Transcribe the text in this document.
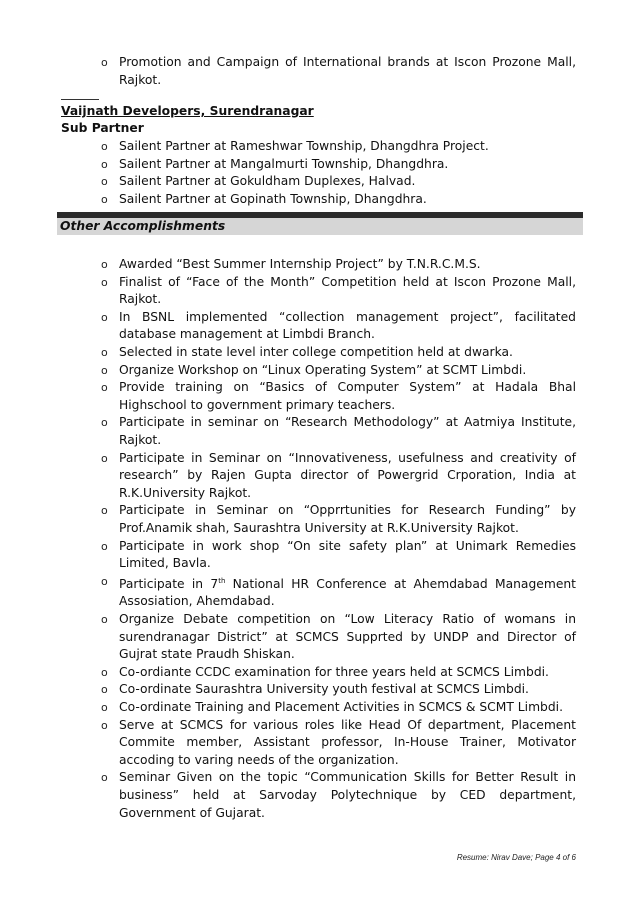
o Promotion and Campaign of International brands at Iscon Prozone Mall, Rajkot.
Vaijnath Developers, Surendranagar
Sub Partner
o Sailent Partner at Rameshwar Township, Dhangdhra Project.
o Sailent Partner at Mangalmurti Township, Dhangdhra.
o Sailent Partner at Gokuldham Duplexes, Halvad.
o Sailent Partner at Gopinath Township, Dhangdhra.
Other Accomplishments
o Awarded “Best Summer Internship Project” by T.N.R.C.M.S.
o Finalist of “Face of the Month” Competition held at Iscon Prozone Mall, Rajkot.
o In BSNL implemented “collection management project”, facilitated database management at Limbdi Branch.
o Selected in state level inter college competition held at dwarka.
o Organize Workshop on “Linux Operating System” at SCMT Limbdi.
o Provide training on “Basics of Computer System” at Hadala Bhal Highschool to government primary teachers.
o Participate in seminar on “Research Methodology” at Aatmiya Institute, Rajkot.
o Participate in Seminar on “Innovativeness, usefulness and creativity of research” by Rajen Gupta director of Powergrid Crporation, India at R.K.University Rajkot.
o Participate in Seminar on “Opprrtunities for Research Funding” by Prof.Anamik shah, Saurashtra University at R.K.University Rajkot.
o Participate in work shop “On site safety plan” at Unimark Remedies Limited, Bavla.
o Participate in 7th National HR Conference at Ahemdabad Management Assosiation, Ahemdabad.
o Organize Debate competition on “Low Literacy Ratio of womans in surendranagar District” at SCMCS Supprted by UNDP and Director of Gujrat state Praudh Shiskan.
o Co-ordiante CCDC examination for three years held at SCMCS Limbdi.
o Co-ordinate Saurashtra University youth festival at SCMCS Limbdi.
o Co-ordinate Training and Placement Activities in SCMCS & SCMT Limbdi.
o Serve at SCMCS for various roles like Head Of department, Placement Commite member, Assistant professor, In-House Trainer, Motivator accoding to varing needs of the organization.
o Seminar Given on the topic “Communication Skills for Better Result in business” held at Sarvoday Polytechnique by CED department, Government of Gujarat.
Resume: Nirav Dave; Page 4 of 6
